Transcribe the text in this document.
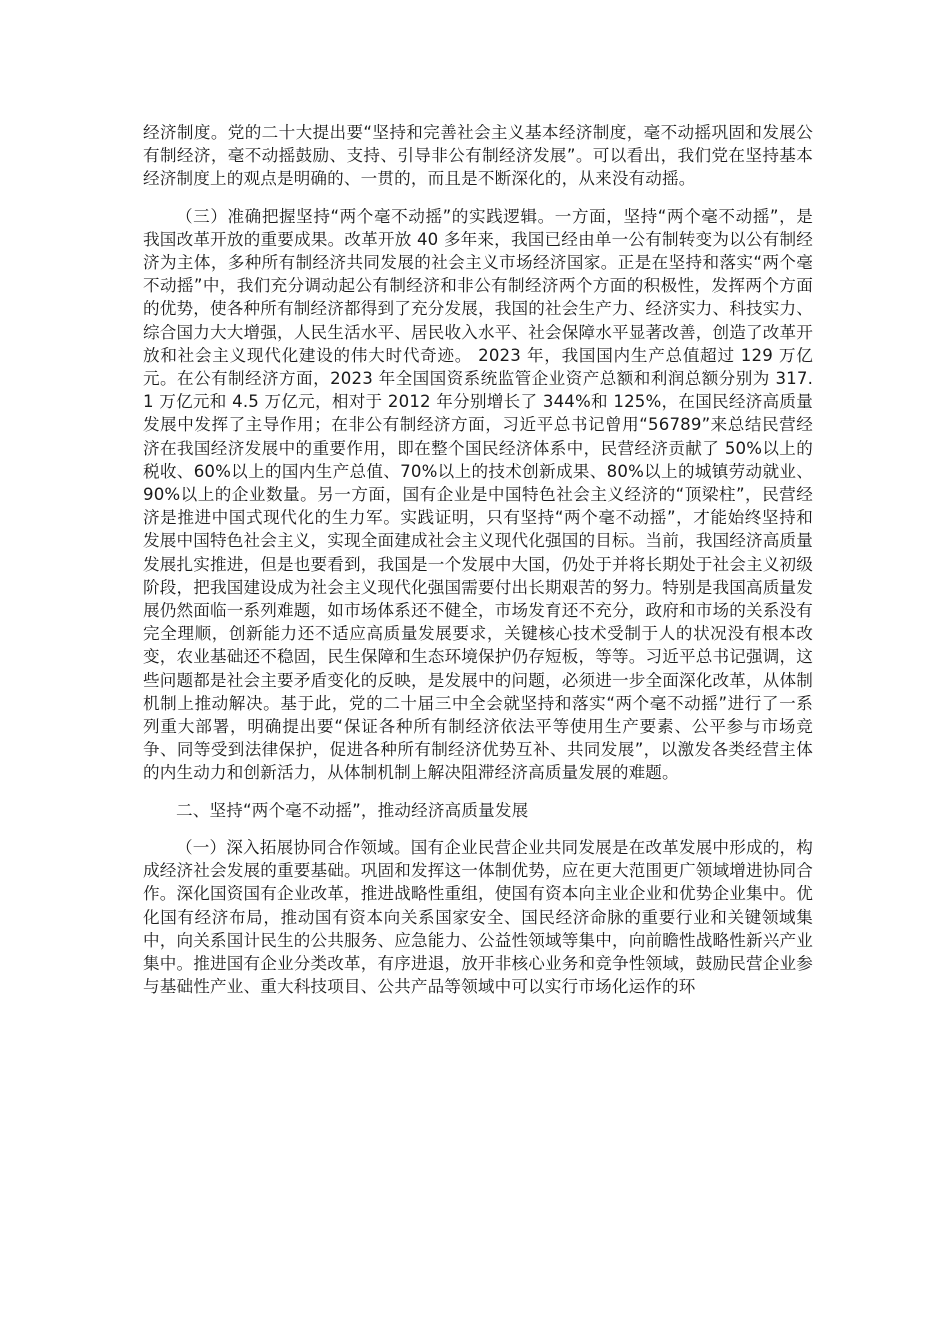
经济制度。党的二十大提出要“坚持和完善社会主义基本经济制度，毫不动摇巩固和发展公有制经济，毫不动摇鼓励、支持、引导非公有制经济发展”。可以看出，我们党在坚持基本经济制度上的观点是明确的、一贯的，而且是不断深化的，从来没有动摇。

（三）准确把握坚持“两个毫不动摇”的实践逻辑。一方面，坚持“两个毫不动摇”，是我国改革开放的重要成果。改革开放 40 多年来，我国已经由单一公有制转变为以公有制经济为主体，多种所有制经济共同发展的社会主义市场经济国家。正是在坚持和落实“两个毫不动摇”中，我们充分调动起公有制经济和非公有制经济两个方面的积极性，发挥两个方面的优势，使各种所有制经济都得到了充分发展，我国的社会生产力、经济实力、科技实力、综合国力大大增强，人民生活水平、居民收入水平、社会保障水平显著改善，创造了改革开放和社会主义现代化建设的伟大时代奇迹。 2023 年，我国国内生产总值超过 129 万亿元。在公有制经济方面，2023 年全国国资系统监管企业资产总额和利润总额分别为 317.1 万亿元和 4.5 万亿元，相对于 2012 年分别增长了 344%和 125%，在国民经济高质量发展中发挥了主导作用；在非公有制经济方面，习近平总书记曾用“56789”来总结民营经济在我国经济发展中的重要作用，即在整个国民经济体系中，民营经济贡献了 50%以上的税收、60%以上的国内生产总值、70%以上的技术创新成果、80%以上的城镇劳动就业、90%以上的企业数量。另一方面，国有企业是中国特色社会主义经济的“顶梁柱”，民营经济是推进中国式现代化的生力军。实践证明，只有坚持“两个毫不动摇”，才能始终坚持和发展中国特色社会主义，实现全面建成社会主义现代化强国的目标。当前，我国经济高质量发展扎实推进，但是也要看到，我国是一个发展中大国，仍处于并将长期处于社会主义初级阶段，把我国建设成为社会主义现代化强国需要付出长期艰苦的努力。特别是我国高质量发展仍然面临一系列难题，如市场体系还不健全，市场发育还不充分，政府和市场的关系没有完全理顺，创新能力还不适应高质量发展要求，关键核心技术受制于人的状况没有根本改变，农业基础还不稳固，民生保障和生态环境保护仍存短板，等等。习近平总书记强调，这些问题都是社会主要矛盾变化的反映，是发展中的问题，必须进一步全面深化改革，从体制机制上推动解决。基于此，党的二十届三中全会就坚持和落实“两个毫不动摇”进行了一系列重大部署，明确提出要“保证各种所有制经济依法平等使用生产要素、公平参与市场竞争、同等受到法律保护，促进各种所有制经济优势互补、共同发展”，以激发各类经营主体的内生动力和创新活力，从体制机制上解决阻滞经济高质量发展的难题。

二、坚持“两个毫不动摇”，推动经济高质量发展

（一）深入拓展协同合作领域。国有企业民营企业共同发展是在改革发展中形成的，构成经济社会发展的重要基础。巩固和发挥这一体制优势，应在更大范围更广领域增进协同合作。深化国资国有企业改革，推进战略性重组，使国有资本向主业企业和优势企业集中。优化国有经济布局，推动国有资本向关系国家安全、国民经济命脉的重要行业和关键领域集中，向关系国计民生的公共服务、应急能力、公益性领域等集中，向前瞻性战略性新兴产业集中。推进国有企业分类改革，有序进退，放开非核心业务和竞争性领域，鼓励民营企业参与基础性产业、重大科技项目、公共产品等领域中可以实行市场化运作的环
